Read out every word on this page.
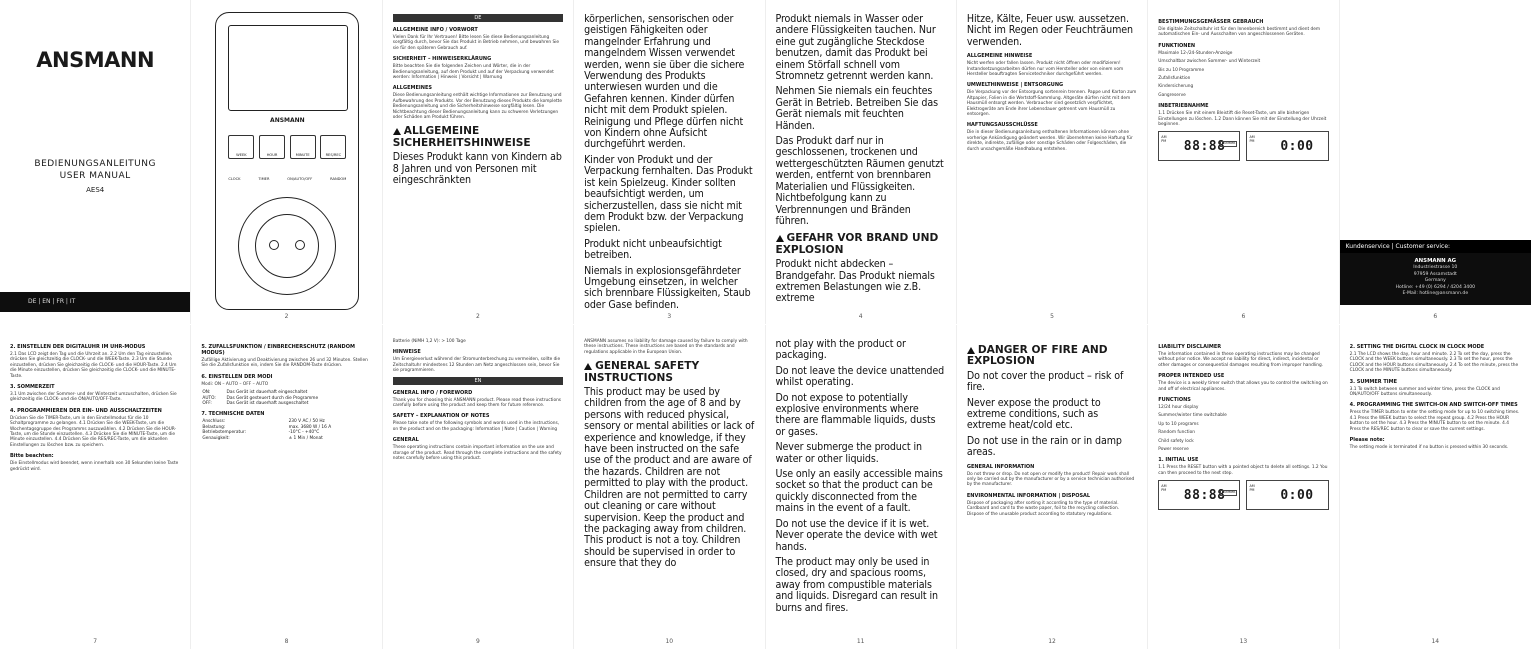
ANSMANN
BEDIENUNGSANLEITUNG
USER MANUAL
AES4
DE | EN | FR | IT
ANSMANN
WEEK	HOUR	MINUTE	RES/REC
CLOCK	TIMER	ON/AUTO/OFF	RANDOM
2
DE
ALLGEMEINE INFO / VORWORT

Vielen Dank für Ihr Vertrauen! Bitte lesen Sie diese Bedienungsanleitung sorgfältig durch, bevor Sie das Produkt in Betrieb nehmen, und bewahren Sie sie für den späteren Gebrauch auf.

SICHERHEIT – HINWEISERKLÄRUNG

Bitte beachten Sie die folgenden Zeichen und Wörter, die in der Bedienungsanleitung, auf dem Produkt und auf der Verpackung verwendet werden: Information | Hinweis | Vorsicht | Warnung

ALLGEMEINES

Diese Bedienungsanleitung enthält wichtige Informationen zur Benutzung und Aufbewahrung des Produkts. Vor der Benutzung dieses Produkts die komplette Bedienungsanleitung und die Sicherheitshinweise sorgfältig lesen. Die Nichtbeachtung dieser Bedienungsanleitung kann zu schweren Verletzungen oder Schäden am Produkt führen.

ALLGEMEINE SICHERHEITSHINWEISE

Dieses Produkt kann von Kindern ab 8 Jahren und von Personen mit eingeschränkten

2

körperlichen, sensorischen oder geistigen Fähigkeiten oder mangelnder Erfahrung und mangelndem Wissen verwendet werden, wenn sie über die sichere Verwendung des Produkts unterwiesen wurden und die Gefahren kennen. Kinder dürfen nicht mit dem Produkt spielen. Reinigung und Pflege dürfen nicht von Kindern ohne Aufsicht durchgeführt werden.

Kinder von Produkt und der Verpackung fernhalten. Das Produkt ist kein Spielzeug. Kinder sollten beaufsichtigt werden, um sicherzustellen, dass sie nicht mit dem Produkt bzw. der Verpackung spielen.

Produkt nicht unbeaufsichtigt betreiben.

Niemals in explosionsgefährdeter Umgebung einsetzen, in welcher sich brennbare Flüssigkeiten, Staub oder Gase befinden.

3

Produkt niemals in Wasser oder andere Flüssigkeiten tauchen. Nur eine gut zugängliche Steckdose benutzen, damit das Produkt bei einem Störfall schnell vom Stromnetz getrennt werden kann.

Nehmen Sie niemals ein feuchtes Gerät in Betrieb. Betreiben Sie das Gerät niemals mit feuchten Händen.

Das Produkt darf nur in geschlossenen, trockenen und wettergeschützten Räumen genutzt werden, entfernt von brennbaren Materialien und Flüssigkeiten. Nichtbefolgung kann zu Verbrennungen und Bränden führen.

GEFAHR VOR BRAND UND EXPLOSION

Produkt nicht abdecken – Brandgefahr. Das Produkt niemals extremen Belastungen wie z.B. extreme

4

Hitze, Kälte, Feuer usw. aussetzen. Nicht im Regen oder Feuchträumen verwenden.

ALLGEMEINE HINWEISE

Nicht werfen oder fallen lassen. Produkt nicht öffnen oder modifizieren! Instandsetzungsarbeiten dürfen nur vom Hersteller oder von einem vom Hersteller beauftragten Servicetechniker durchgeführt werden.

UMWELTHINWEISE | ENTSORGUNG

Die Verpackung vor der Entsorgung sortenrein trennen. Pappe und Karton zum Altpapier, Folien in die Wertstoff-Sammlung. Altgeräte dürfen nicht mit dem Hausmüll entsorgt werden. Verbraucher sind gesetzlich verpflichtet, Elektrogeräte am Ende ihrer Lebensdauer getrennt vom Hausmüll zu entsorgen.

HAFTUNGSAUSSCHLÜSSE

Die in dieser Bedienungsanleitung enthaltenen Informationen können ohne vorherige Ankündigung geändert werden. Wir übernehmen keine Haftung für direkte, indirekte, zufällige oder sonstige Schäden oder Folgeschäden, die durch unsachgemäße Handhabung entstehen.

5
BESTIMMUNGSGEMÄSSER GEBRAUCH

Die digitale Zeitschaltuhr ist für den Innenbereich bestimmt und dient dem automatischen Ein- und Ausschalten von angeschlossenen Geräten.

FUNKTIONEN

Maximale 12-/24-Stunden-Anzeige

Umschaltbar zwischen Sommer- und Winterzeit

Bis zu 10 Programme

Zufallsfunktion

Kindersicherung

Gangreserve

INBETRIEBNAHME

1.1 Drücken Sie mit einem Bleistift die Reset-Taste, um alle bisherigen Einstellungen zu löschen. 1.2 Dann können Sie mit der Einstellung der Uhrzeit beginnen.

AM
PM 88:88
SUMMER
AM
PM 0:00
6
Kundenservice | Customer service:
ANSMANN AG
Industriestrasse 10
97959 Assamstadt
Germany
Hotline: +49 (0) 6294 / 4204 3400
E-Mail: hotline@ansmann.de
6
2. EINSTELLEN DER DIGITALUHR IM UHR-MODUS

2.1 Das LCD zeigt den Tag und die Uhrzeit an. 2.2 Um den Tag einzustellen, drücken Sie gleichzeitig die CLOCK- und die WEEK-Taste. 2.3 Um die Stunde einzustellen, drücken Sie gleichzeitig die CLOCK- und die HOUR-Taste. 2.4 Um die Minute einzustellen, drücken Sie gleichzeitig die CLOCK- und die MINUTE-Taste.

3. SOMMERZEIT

3.1 Um zwischen der Sommer- und der Winterzeit umzuschalten, drücken Sie gleichzeitig die CLOCK- und die ON/AUTO/OFF-Taste.

4. PROGRAMMIEREN DER EIN- UND AUSSCHALTZEITEN

Drücken Sie die TIMER-Taste, um in den Einstellmodus für die 10 Schaltprogramme zu gelangen. 4.1 Drücken Sie die WEEK-Taste, um die Wochentagsgruppe des Programms auszuwählen. 4.2 Drücken Sie die HOUR-Taste, um die Stunde einzustellen. 4.3 Drücken Sie die MINUTE-Taste, um die Minute einzustellen. 4.4 Drücken Sie die RES/REC-Taste, um die aktuellen Einstellungen zu löschen bzw. zu speichern.

Bitte beachten:

Die Einstellmodus wird beendet, wenn innerhalb von 30 Sekunden keine Taste gedrückt wird.

7
5. ZUFALLSFUNKTION / EINBRECHERSCHUTZ (RANDOM MODUS)

Zufällige Aktivierung und Deaktivierung zwischen 26 und 32 Minuten. Stellen Sie die Zufallsfunktion ein, indem Sie die RANDOM-Taste drücken.

6. EINSTELLEN DER MODI

Modi: ON – AUTO – OFF – AUTO

ON:	Das Gerät ist dauerhaft eingeschaltet
AUTO:	Das Gerät gesteuert durch die Programme
OFF:	Das Gerät ist dauerhaft ausgeschaltet
7. TECHNISCHE DATEN
Anschluss:	230 V AC / 50 Hz
Belastung:	max. 3680 W / 16 A
Betriebstemperatur:	-10°C - +40°C
Genauigkeit:	± 1 Min / Monat
8

Batterie (NiMH 1,2 V): > 100 Tage

HINWEISE

Um Energieverlust während der Stromunterbrechung zu vermeiden, sollte die Zeitschaltuhr mindestens 12 Stunden am Netz angeschlossen sein, bevor Sie sie programmieren.

EN
GENERAL INFO / FOREWORD

Thank you for choosing this ANSMANN product. Please read these instructions carefully before using the product and keep them for future reference.

SAFETY – EXPLANATION OF NOTES

Please take note of the following symbols and words used in the instructions, on the product and on the packaging: Information | Note | Caution | Warning

GENERAL

These operating instructions contain important information on the use and storage of the product. Read through the complete instructions and the safety notes carefully before using this product.

9

ANSMANN assumes no liability for damage caused by failure to comply with these instructions. These instructions are based on the standards and regulations applicable in the European Union.

GENERAL SAFETY INSTRUCTIONS

This product may be used by children from the age of 8 and by persons with reduced physical, sensory or mental abilities or lack of experience and knowledge, if they have been instructed on the safe use of the product and are aware of the hazards. Children are not permitted to play with the product. Children are not permitted to carry out cleaning or care without supervision. Keep the product and the packaging away from children. This product is not a toy. Children should be supervised in order to ensure that they do

10

not play with the product or packaging.

Do not leave the device unattended whilst operating.

Do not expose to potentially explosive environments where there are flammable liquids, dusts or gases.

Never submerge the product in water or other liquids.

Use only an easily accessible mains socket so that the product can be quickly disconnected from the mains in the event of a fault.

Do not use the device if it is wet. Never operate the device with wet hands.

The product may only be used in closed, dry and spacious rooms, away from compustible materials and liquids. Disregard can result in burns and fires.

11
DANGER OF FIRE AND EXPLOSION

Do not cover the product – risk of fire.

Never expose the product to extreme conditions, such as extreme heat/cold etc.

Do not use in the rain or in damp areas.

GENERAL INFORMATION

Do not throw or drop. Do not open or modify the product! Repair work shall only be carried out by the manufacturer or by a service technician authorised by the manufacturer.

ENVIRONMENTAL INFORMATION | DISPOSAL

Dispose of packaging after sorting it according to the type of material. Cardboard and card to the waste paper, foil to the recycling collection. Dispose of the unusable product according to statutory regulations.

12
LIABILITY DISCLAIMER

The information contained in these operating instructions may be changed without prior notice. We accept no liability for direct, indirect, incidental or other damages or consequential damages resulting from improper handling.

PROPER INTENDED USE

The device is a weekly timer switch that allows you to control the switching on and off of electrical appliances.

FUNCTIONS

12/24 hour display

Summer/winter time switchable

Up to 10 programs

Random function

Child safety lock

Power reserve

1. INITIAL USE

1.1 Press the RESET button with a pointed object to delete all settings. 1.2 You can then proceed to the next step.

AM
PM 88:88
SUMMER
AM
PM 0:00
13
2. SETTING THE DIGITAL CLOCK IN CLOCK MODE

2.1 The LCD shows the day, hour and minute. 2.2 To set the day, press the CLOCK and the WEEK buttons simultaneously. 2.3 To set the hour, press the CLOCK and the HOUR buttons simultaneously. 2.4 To set the minute, press the CLOCK and the MINUTE buttons simultaneously.

3. SUMMER TIME

3.1 To switch between summer and winter time, press the CLOCK and ON/AUTO/OFF buttons simultaneously.

4. PROGRAMMING THE SWITCH-ON AND SWITCH-OFF TIMES

Press the TIMER button to enter the setting mode for up to 10 switching times. 4.1 Press the WEEK button to select the repeat group. 4.2 Press the HOUR button to set the hour. 4.3 Press the MINUTE button to set the minute. 4.4 Press the RES/REC button to clear or save the current settings.

Please note:

The setting mode is terminated if no button is pressed within 30 seconds.

14
